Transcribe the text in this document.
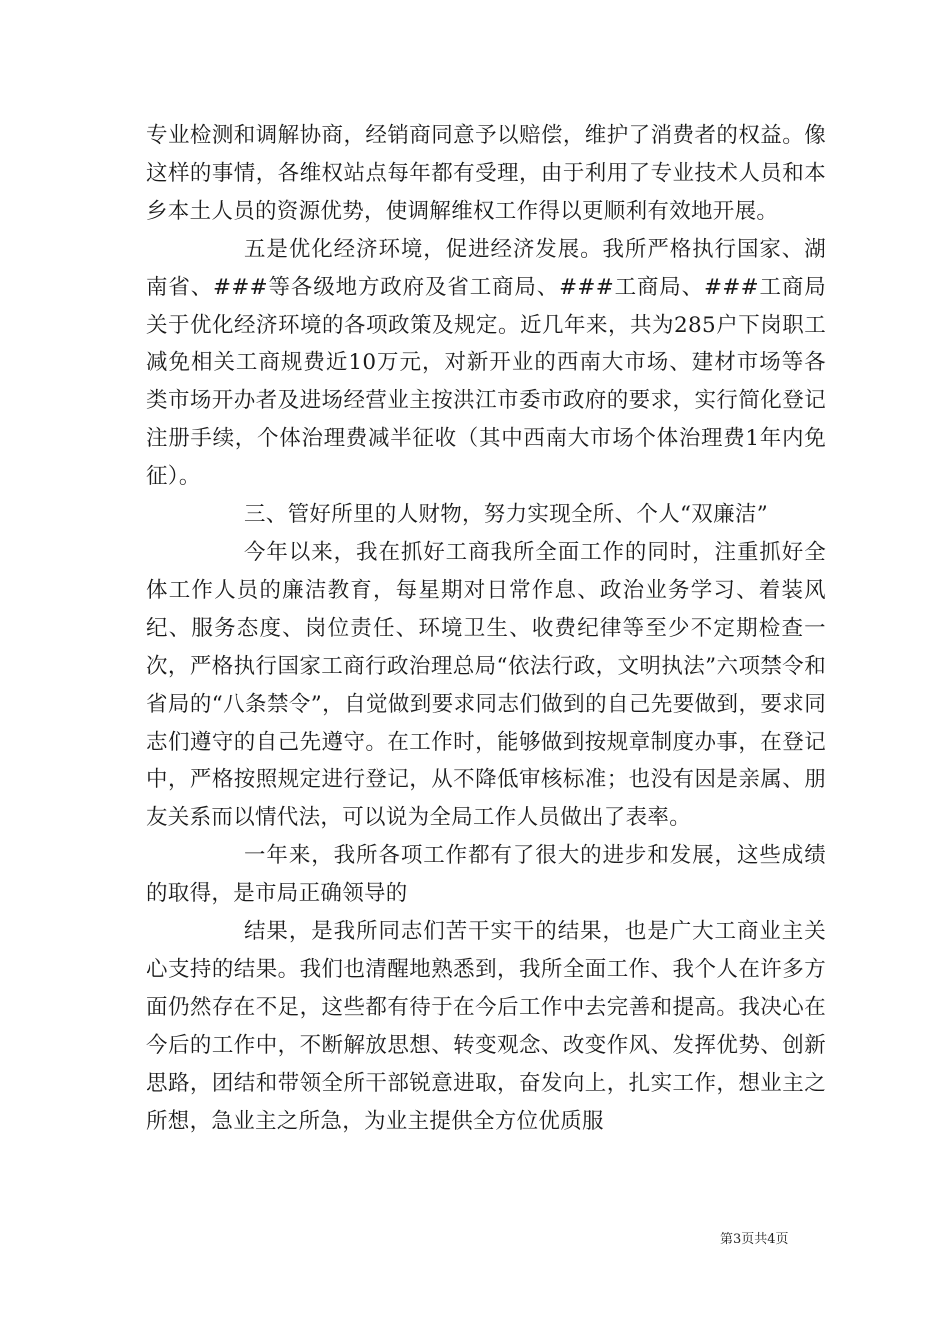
专业检测和调解协商，经销商同意予以赔偿，维护了消费者的权益。像这样的事情，各维权站点每年都有受理，由于利用了专业技术人员和本乡本土人员的资源优势，使调解维权工作得以更顺利有效地开展。

五是优化经济环境，促进经济发展。我所严格执行国家、湖南省、###等各级地方政府及省工商局、###工商局、###工商局关于优化经济环境的各项政策及规定。近几年来，共为285户下岗职工减免相关工商规费近10万元，对新开业的西南大市场、建材市场等各类市场开办者及进场经营业主按洪江市委市政府的要求，实行简化登记注册手续，个体治理费减半征收（其中西南大市场个体治理费1年内免征）。

三、管好所里的人财物，努力实现全所、个人“双廉洁”

今年以来，我在抓好工商我所全面工作的同时，注重抓好全体工作人员的廉洁教育，每星期对日常作息、政治业务学习、着装风纪、服务态度、岗位责任、环境卫生、收费纪律等至少不定期检查一次，严格执行国家工商行政治理总局“依法行政，文明执法”六项禁令和省局的“八条禁令”，自觉做到要求同志们做到的自己先要做到，要求同志们遵守的自己先遵守。在工作时，能够做到按规章制度办事，在登记中，严格按照规定进行登记，从不降低审核标准；也没有因是亲属、朋友关系而以情代法，可以说为全局工作人员做出了表率。

一年来，我所各项工作都有了很大的进步和发展，这些成绩的取得，是市局正确领导的

结果，是我所同志们苦干实干的结果，也是广大工商业主关心支持的结果。我们也清醒地熟悉到，我所全面工作、我个人在许多方面仍然存在不足，这些都有待于在今后工作中去完善和提高。我决心在今后的工作中，不断解放思想、转变观念、改变作风、发挥优势、创新思路，团结和带领全所干部锐意进取，奋发向上，扎实工作，想业主之所想，急业主之所急，为业主提供全方位优质服

第3页共4页
